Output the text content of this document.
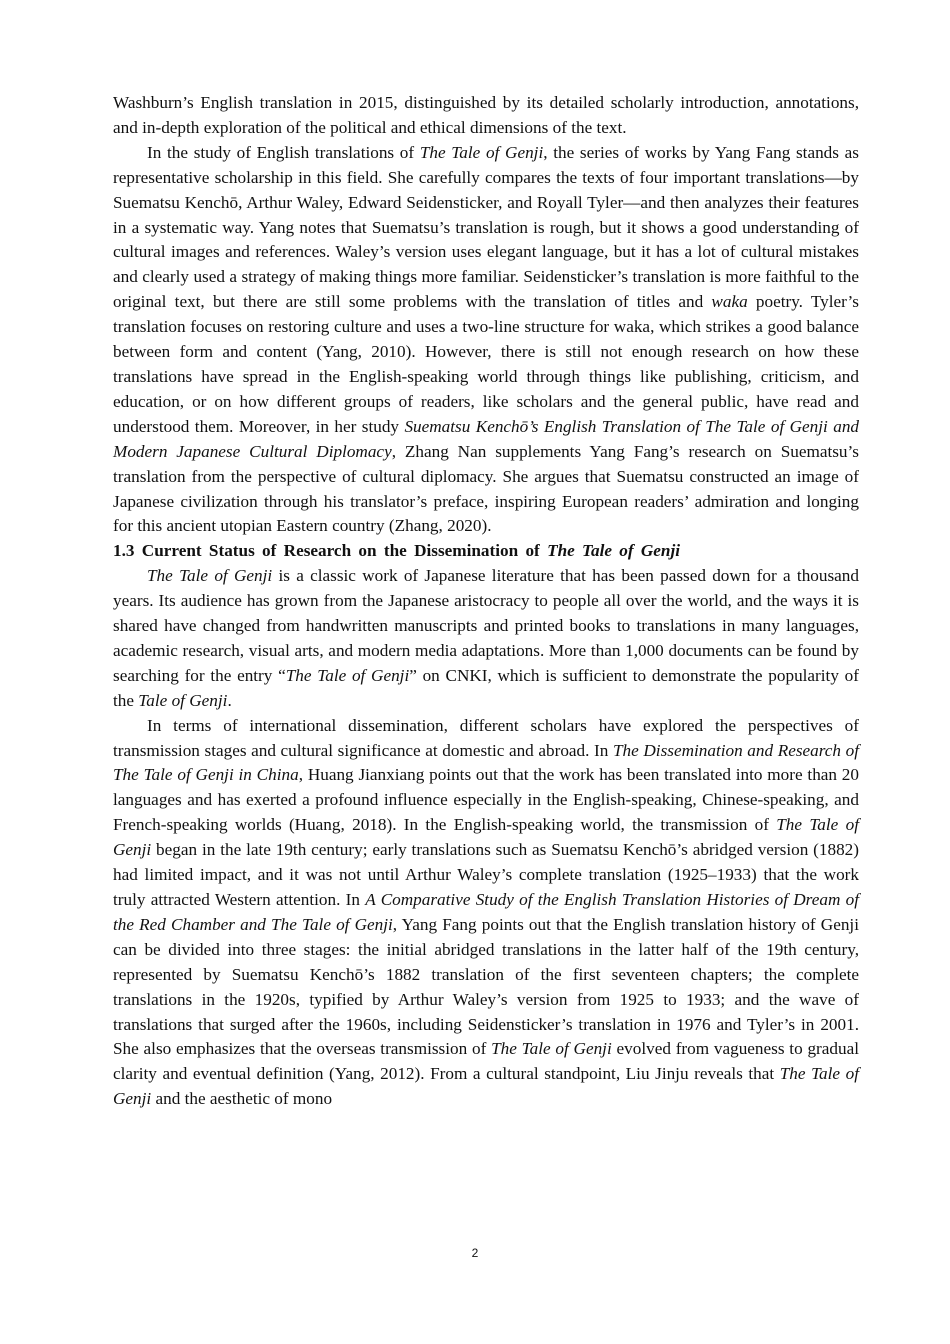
Washburn’s English translation in 2015, distinguished by its detailed scholarly introduction, annotations, and in-depth exploration of the political and ethical dimensions of the text.

In the study of English translations of The Tale of Genji, the series of works by Yang Fang stands as representative scholarship in this field. She carefully compares the texts of four important translations—by Suematsu Kenchō, Arthur Waley, Edward Seidensticker, and Royall Tyler—and then analyzes their features in a systematic way. Yang notes that Suematsu’s translation is rough, but it shows a good understanding of cultural images and references. Waley’s version uses elegant language, but it has a lot of cultural mistakes and clearly used a strategy of making things more familiar. Seidensticker’s translation is more faithful to the original text, but there are still some problems with the translation of titles and waka poetry. Tyler’s translation focuses on restoring culture and uses a two-line structure for waka, which strikes a good balance between form and content (Yang, 2010). However, there is still not enough research on how these translations have spread in the English-speaking world through things like publishing, criticism, and education, or on how different groups of readers, like scholars and the general public, have read and understood them. Moreover, in her study Suematsu Kenchō’s English Translation of The Tale of Genji and Modern Japanese Cultural Diplomacy, Zhang Nan supplements Yang Fang’s research on Suematsu’s translation from the perspective of cultural diplomacy. She argues that Suematsu constructed an image of Japanese civilization through his translator’s preface, inspiring European readers’ admiration and longing for this ancient utopian Eastern country (Zhang, 2020).

1.3 Current Status of Research on the Dissemination of The Tale of Genji

The Tale of Genji is a classic work of Japanese literature that has been passed down for a thousand years. Its audience has grown from the Japanese aristocracy to people all over the world, and the ways it is shared have changed from handwritten manuscripts and printed books to translations in many languages, academic research, visual arts, and modern media adaptations. More than 1,000 documents can be found by searching for the entry “The Tale of Genji” on CNKI, which is sufficient to demonstrate the popularity of the Tale of Genji.

In terms of international dissemination, different scholars have explored the perspectives of transmission stages and cultural significance at domestic and abroad. In The Dissemination and Research of The Tale of Genji in China, Huang Jianxiang points out that the work has been translated into more than 20 languages and has exerted a profound influence especially in the English-speaking, Chinese-speaking, and French-speaking worlds (Huang, 2018). In the English-speaking world, the transmission of The Tale of Genji began in the late 19th century; early translations such as Suematsu Kenchō’s abridged version (1882) had limited impact, and it was not until Arthur Waley’s complete translation (1925–1933) that the work truly attracted Western attention. In A Comparative Study of the English Translation Histories of Dream of the Red Chamber and The Tale of Genji, Yang Fang points out that the English translation history of Genji can be divided into three stages: the initial abridged translations in the latter half of the 19th century, represented by Suematsu Kenchō’s 1882 translation of the first seventeen chapters; the complete translations in the 1920s, typified by Arthur Waley’s version from 1925 to 1933; and the wave of translations that surged after the 1960s, including Seidensticker’s translation in 1976 and Tyler’s in 2001. She also emphasizes that the overseas transmission of The Tale of Genji evolved from vagueness to gradual clarity and eventual definition (Yang, 2012). From a cultural standpoint, Liu Jinju reveals that The Tale of Genji and the aesthetic of mono

2
